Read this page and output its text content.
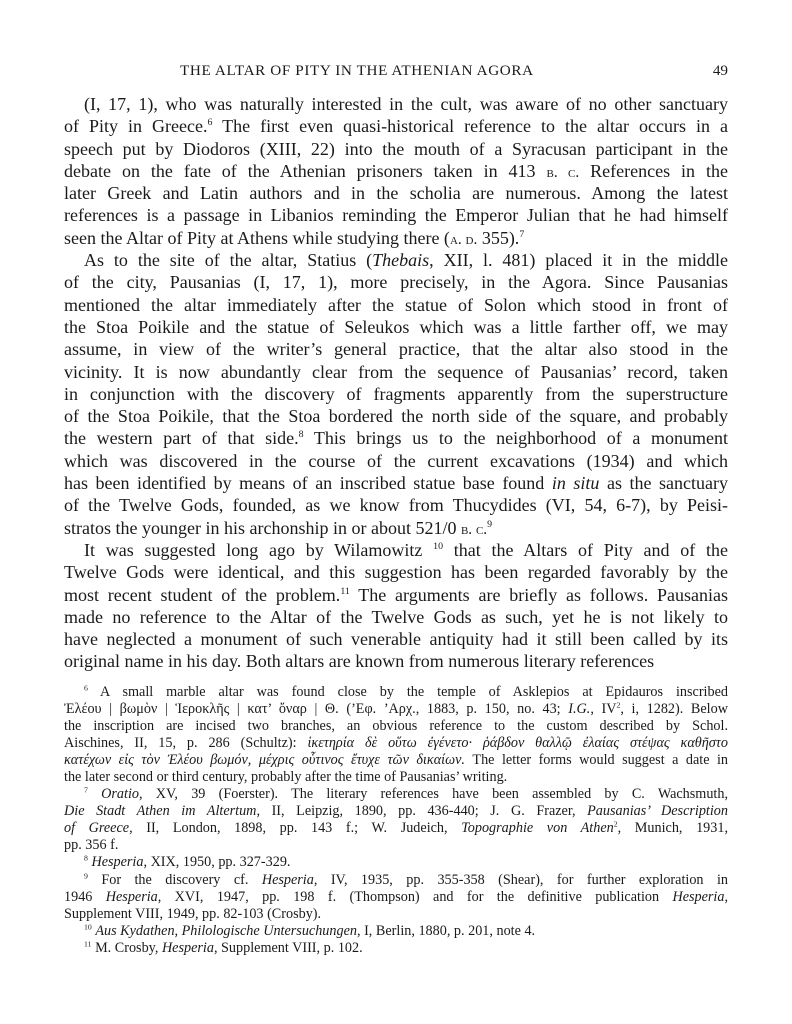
THE ALTAR OF PITY IN THE ATHENIAN AGORA	49
(I, 17, 1), who was naturally interested in the cult, was aware of no other sanctuary
of Pity in Greece.$^6$ The first even quasi-historical reference to the altar occurs in a
speech put by Diodoros (XIII, 22) into the mouth of a Syracusan participant in the
debate on the fate of the Athenian prisoners taken in 413 b. c. References in the
later Greek and Latin authors and in the scholia are numerous. Among the latest
references is a passage in Libanios reminding the Emperor Julian that he had himself
seen the Altar of Pity at Athens while studying there (a. d. 355).$^7$
As to the site of the altar, Statius (Thebais, XII, l. 481) placed it in the middle
of the city, Pausanias (I, 17, 1), more precisely, in the Agora. Since Pausanias
mentioned the altar immediately after the statue of Solon which stood in front of
the Stoa Poikile and the statue of Seleukos which was a little farther off, we may
assume, in view of the writer’s general practice, that the altar also stood in the
vicinity. It is now abundantly clear from the sequence of Pausanias’ record, taken
in conjunction with the discovery of fragments apparently from the superstructure
of the Stoa Poikile, that the Stoa bordered the north side of the square, and probably
the western part of that side.$^8$ This brings us to the neighborhood of a monument
which was discovered in the course of the current excavations (1934) and which
has been identified by means of an inscribed statue base found in situ as the sanctuary
of the Twelve Gods, founded, as we know from Thucydides (VI, 54, 6-7), by Peisi-
stratos the younger in his archonship in or about 521/0 b. c.$^9$
It was suggested long ago by Wilamowitz $^{10}$ that the Altars of Pity and of the
Twelve Gods were identical, and this suggestion has been regarded favorably by the
most recent student of the problem.$^{11}$ The arguments are briefly as follows. Pausanias
made no reference to the Altar of the Twelve Gods as such, yet he is not likely to
have neglected a monument of such venerable antiquity had it still been called by its
original name in his day. Both altars are known from numerous literary references
$^6$ A small marble altar was found close by the temple of Asklepios at Epidauros inscribed
Ἐλέου | βωμὸν | Ἱεροκλῆς | κατ’ ὄναρ | Θ. (’Εφ. ’Αρχ., 1883, p. 150, no. 43; I.G., $IV^2$, i, 1282). Below
the inscription are incised two branches, an obvious reference to the custom described by Schol.
Aischines, II, 15, p. 286 (Schultz): ἱκετηρία δὲ οὕτω ἐγένετο· ῥάβδον θαλλῷ ἐλαίας στέψας καθῆστο
κατέχων εἰς τὸν Ἐλέου βωμόν, μέχρις οὗτινος ἔτυχε τῶν δικαίων. The letter forms would suggest a date in
the later second or third century, probably after the time of Pausanias’ writing.
$^7$ Oratio, XV, 39 (Foerster). The literary references have been assembled by C. Wachsmuth,
Die Stadt Athen im Altertum, II, Leipzig, 1890, pp. 436-440; J. G. Frazer, Pausanias’ Description
of Greece, II, London, 1898, pp. 143 f.; W. Judeich, Topographie von Athen$^2$, Munich, 1931,
pp. 356 f.
$^8$ Hesperia, XIX, 1950, pp. 327-329.
$^9$ For the discovery cf. Hesperia, IV, 1935, pp. 355-358 (Shear), for further exploration in
1946 Hesperia, XVI, 1947, pp. 198 f. (Thompson) and for the definitive publication Hesperia,
Supplement VIII, 1949, pp. 82-103 (Crosby).
$^{10}$ Aus Kydathen, Philologische Untersuchungen, I, Berlin, 1880, p. 201, note 4.
$^{11}$ M. Crosby, Hesperia, Supplement VIII, p. 102.
